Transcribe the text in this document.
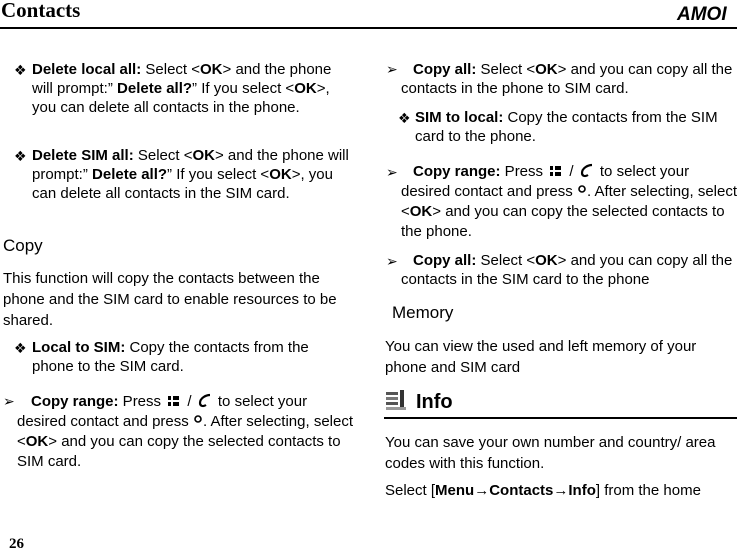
Contacts	AMOI
❖ Delete local all: Select <OK> and the phone will prompt:” Delete all?” If you select <OK>, you can delete all contacts in the phone.
❖ Delete SIM all: Select <OK> and the phone will prompt:” Delete all?” If you select <OK>, you can delete all contacts in the SIM card.
Copy
This function will copy the contacts between the phone and the SIM card to enable resources to be shared.
❖ Local to SIM: Copy the contacts from the phone to the SIM card.
➢	Copy range: Press  /  to select your desired contact and press . After selecting, select <OK> and you can copy the selected contacts to SIM card.
➢	Copy all: Select <OK> and you can copy all the contacts in the phone to SIM card.
❖ SIM to local: Copy the contacts from the SIM card to the phone.
➢	Copy range: Press  /  to select your desired contact and press . After selecting, select <OK> and you can copy the selected contacts to the phone.
➢	Copy all: Select <OK> and you can copy all the contacts in the SIM card to the phone
Memory
You can view the used and left memory of your phone and SIM card
Info
You can save your own number and country/ area codes with this function.
Select [Menu→Contacts→Info] from the home
26
